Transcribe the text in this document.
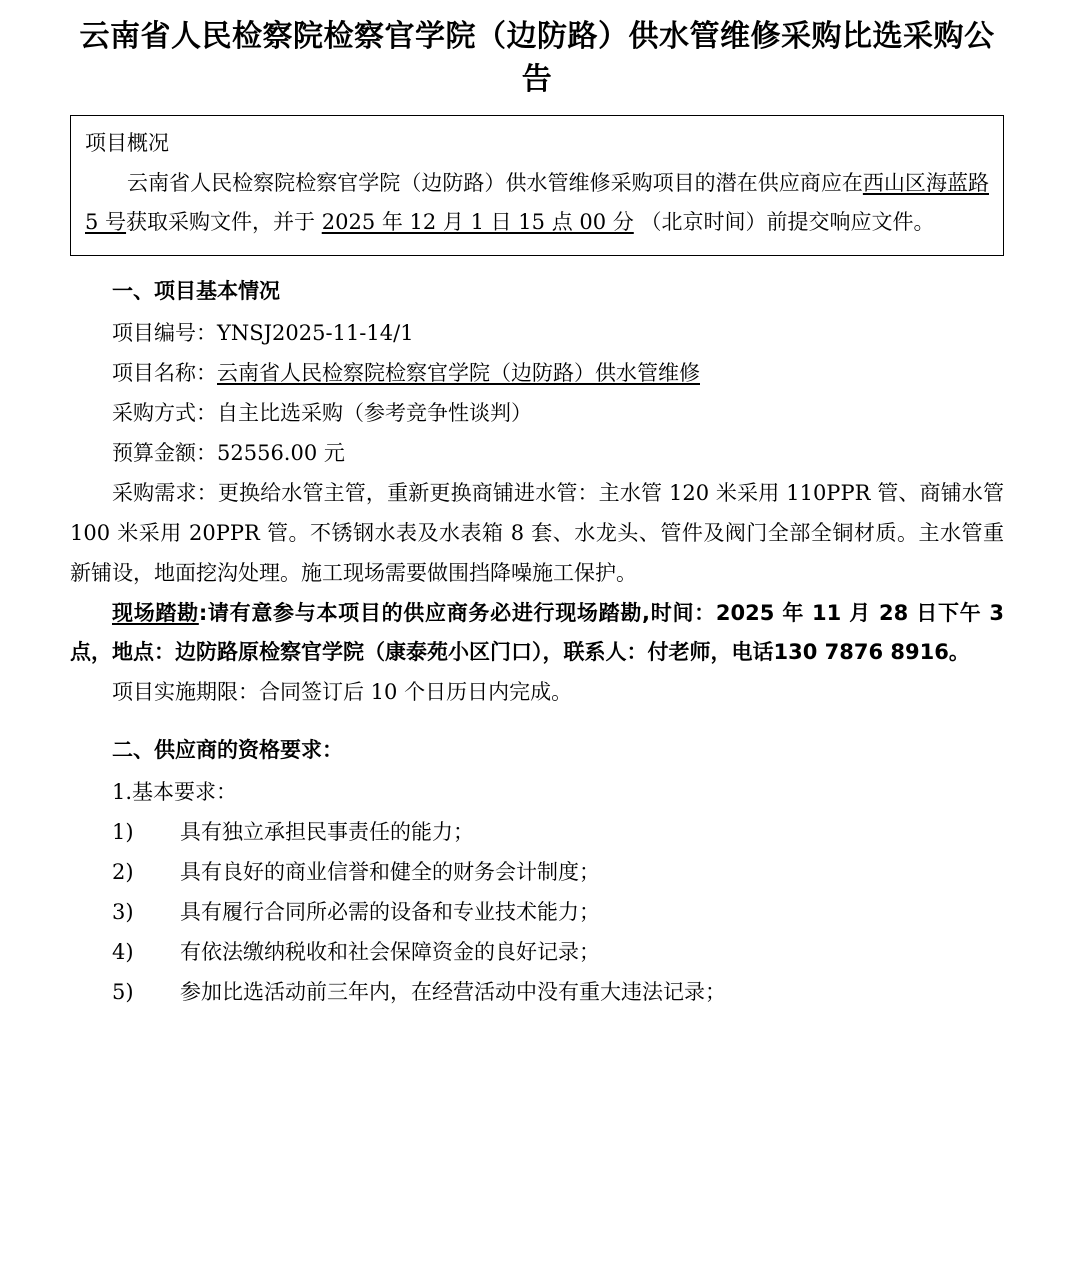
云南省人民检察院检察官学院（边防路）供水管维修采购比选采购公告
项目概况
云南省人民检察院检察官学院（边防路）供水管维修采购项目的潜在供应商应在西山区海蓝路 5 号获取采购文件，并于 2025 年 12 月 1 日 15 点 00 分 （北京时间）前提交响应文件。
一、项目基本情况

项目编号：YNSJ2025-11-14/1

项目名称：云南省人民检察院检察官学院（边防路）供水管维修

采购方式：自主比选采购（参考竞争性谈判）

预算金额：52556.00 元

采购需求：更换给水管主管，重新更换商铺进水管：主水管 120 米采用 110PPR 管、商铺水管 100 米采用 20PPR 管。不锈钢水表及水表箱 8 套、水龙头、管件及阀门全部全铜材质。主水管重新铺设，地面挖沟处理。施工现场需要做围挡降噪施工保护。

现场踏勘:请有意参与本项目的供应商务必进行现场踏勘,时间：2025 年 11 月 28 日下午 3 点，地点：边防路原检察官学院（康泰苑小区门口），联系人：付老师，电话130 7876 8916。

项目实施期限：合同签订后 10 个日历日内完成。

二、供应商的资格要求：

1.基本要求：

1)	具有独立承担民事责任的能力；
2)	具有良好的商业信誉和健全的财务会计制度；
3)	具有履行合同所必需的设备和专业技术能力；
4)	有依法缴纳税收和社会保障资金的良好记录；
5)	参加比选活动前三年内，在经营活动中没有重大违法记录；
